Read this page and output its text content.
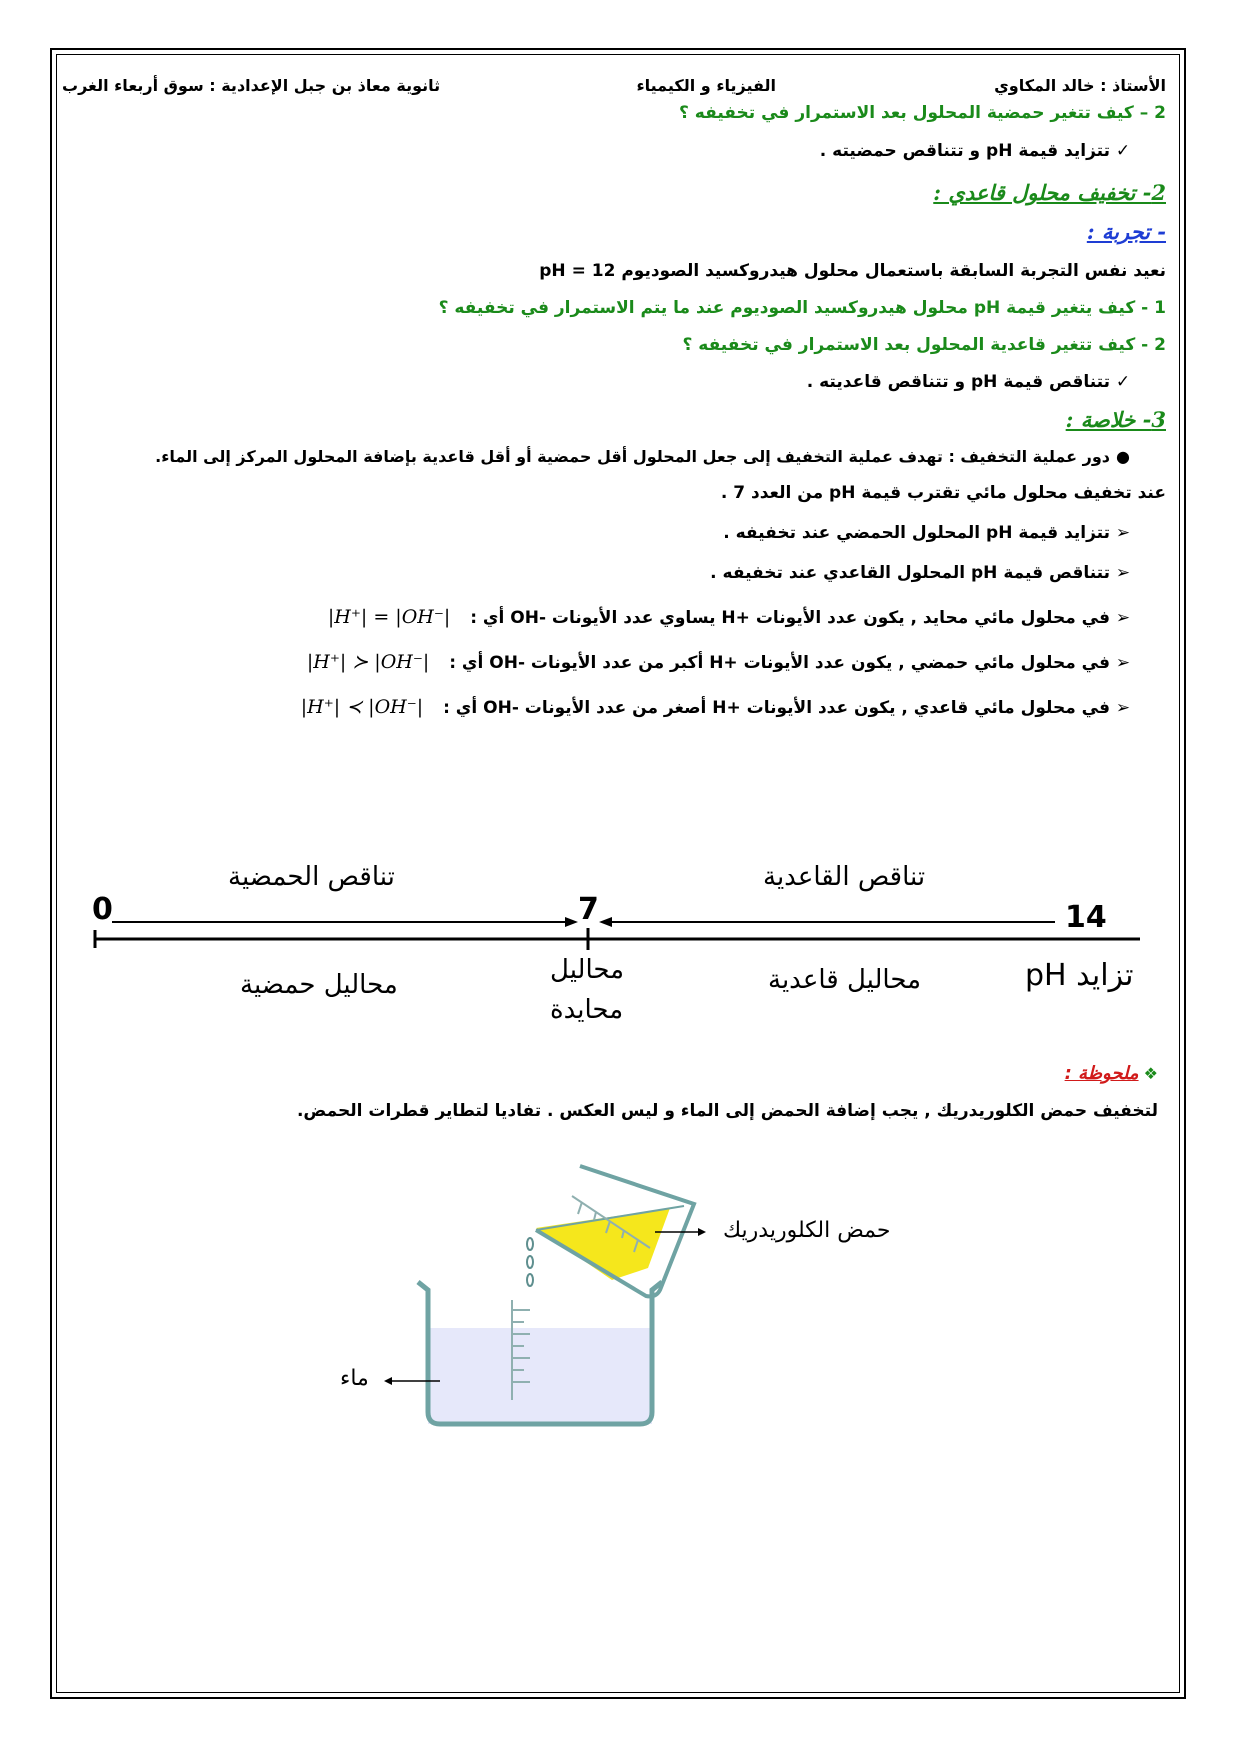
الأستاذ : خالد المكاوي
الفيزياء و الكيمياء
ثانوية معاذ بن جبل الإعدادية : سوق أربعاء الغرب
2 – كيف تتغير حمضية المحلول بعد الاستمرار في تخفيفه ؟
✓تتزايد قيمة pH و تتناقص حمضيته .
2- تخفيف محلول قاعدي :
- تجربة :
نعيد نفس التجربة السابقة باستعمال محلول هيدروكسيد الصوديوم pH = 12
1 - كيف يتغير قيمة pH محلول هيدروكسيد الصوديوم عند ما يتم الاستمرار في تخفيفه ؟
2 - كيف تتغير قاعدية المحلول بعد الاستمرار في تخفيفه ؟
✓تتناقص قيمة pH و تتناقص قاعديته .
3- خلاصة :
●دور عملية التخفيف : تهدف عملية التخفيف إلى جعل المحلول أقل حمضية أو أقل قاعدية بإضافة المحلول المركز إلى الماء.
عند تخفيف محلول مائي تقترب قيمة pH من العدد 7 .
➢تتزايد قيمة pH المحلول الحمضي عند تخفيفه .
➢تتناقص قيمة pH المحلول القاعدي عند تخفيفه .
➢في محلول مائي محايد , يكون عدد الأيونات +H يساوي عدد الأيونات -OH أي : |H⁺| = |OH⁻|
➢في محلول مائي حمضي , يكون عدد الأيونات +H أكبر من عدد الأيونات -OH أي : |H⁺| ≻ |OH⁻|
➢في محلول مائي قاعدي , يكون عدد الأيونات +H أصغر من عدد الأيونات -OH أي : |H⁺| ≺ |OH⁻|
0	7	14
تناقص الحمضية	تناقص القاعدية
محاليل حمضية	محاليل
محايدة
محاليل قاعدية	تزايد pH
❖ ملحوظة :
لتخفيف حمض الكلوريدريك , يجب إضافة الحمض إلى الماء و ليس العكس . تفاديا لتطاير قطرات الحمض.
حمض الكلوريدريك
ماء
